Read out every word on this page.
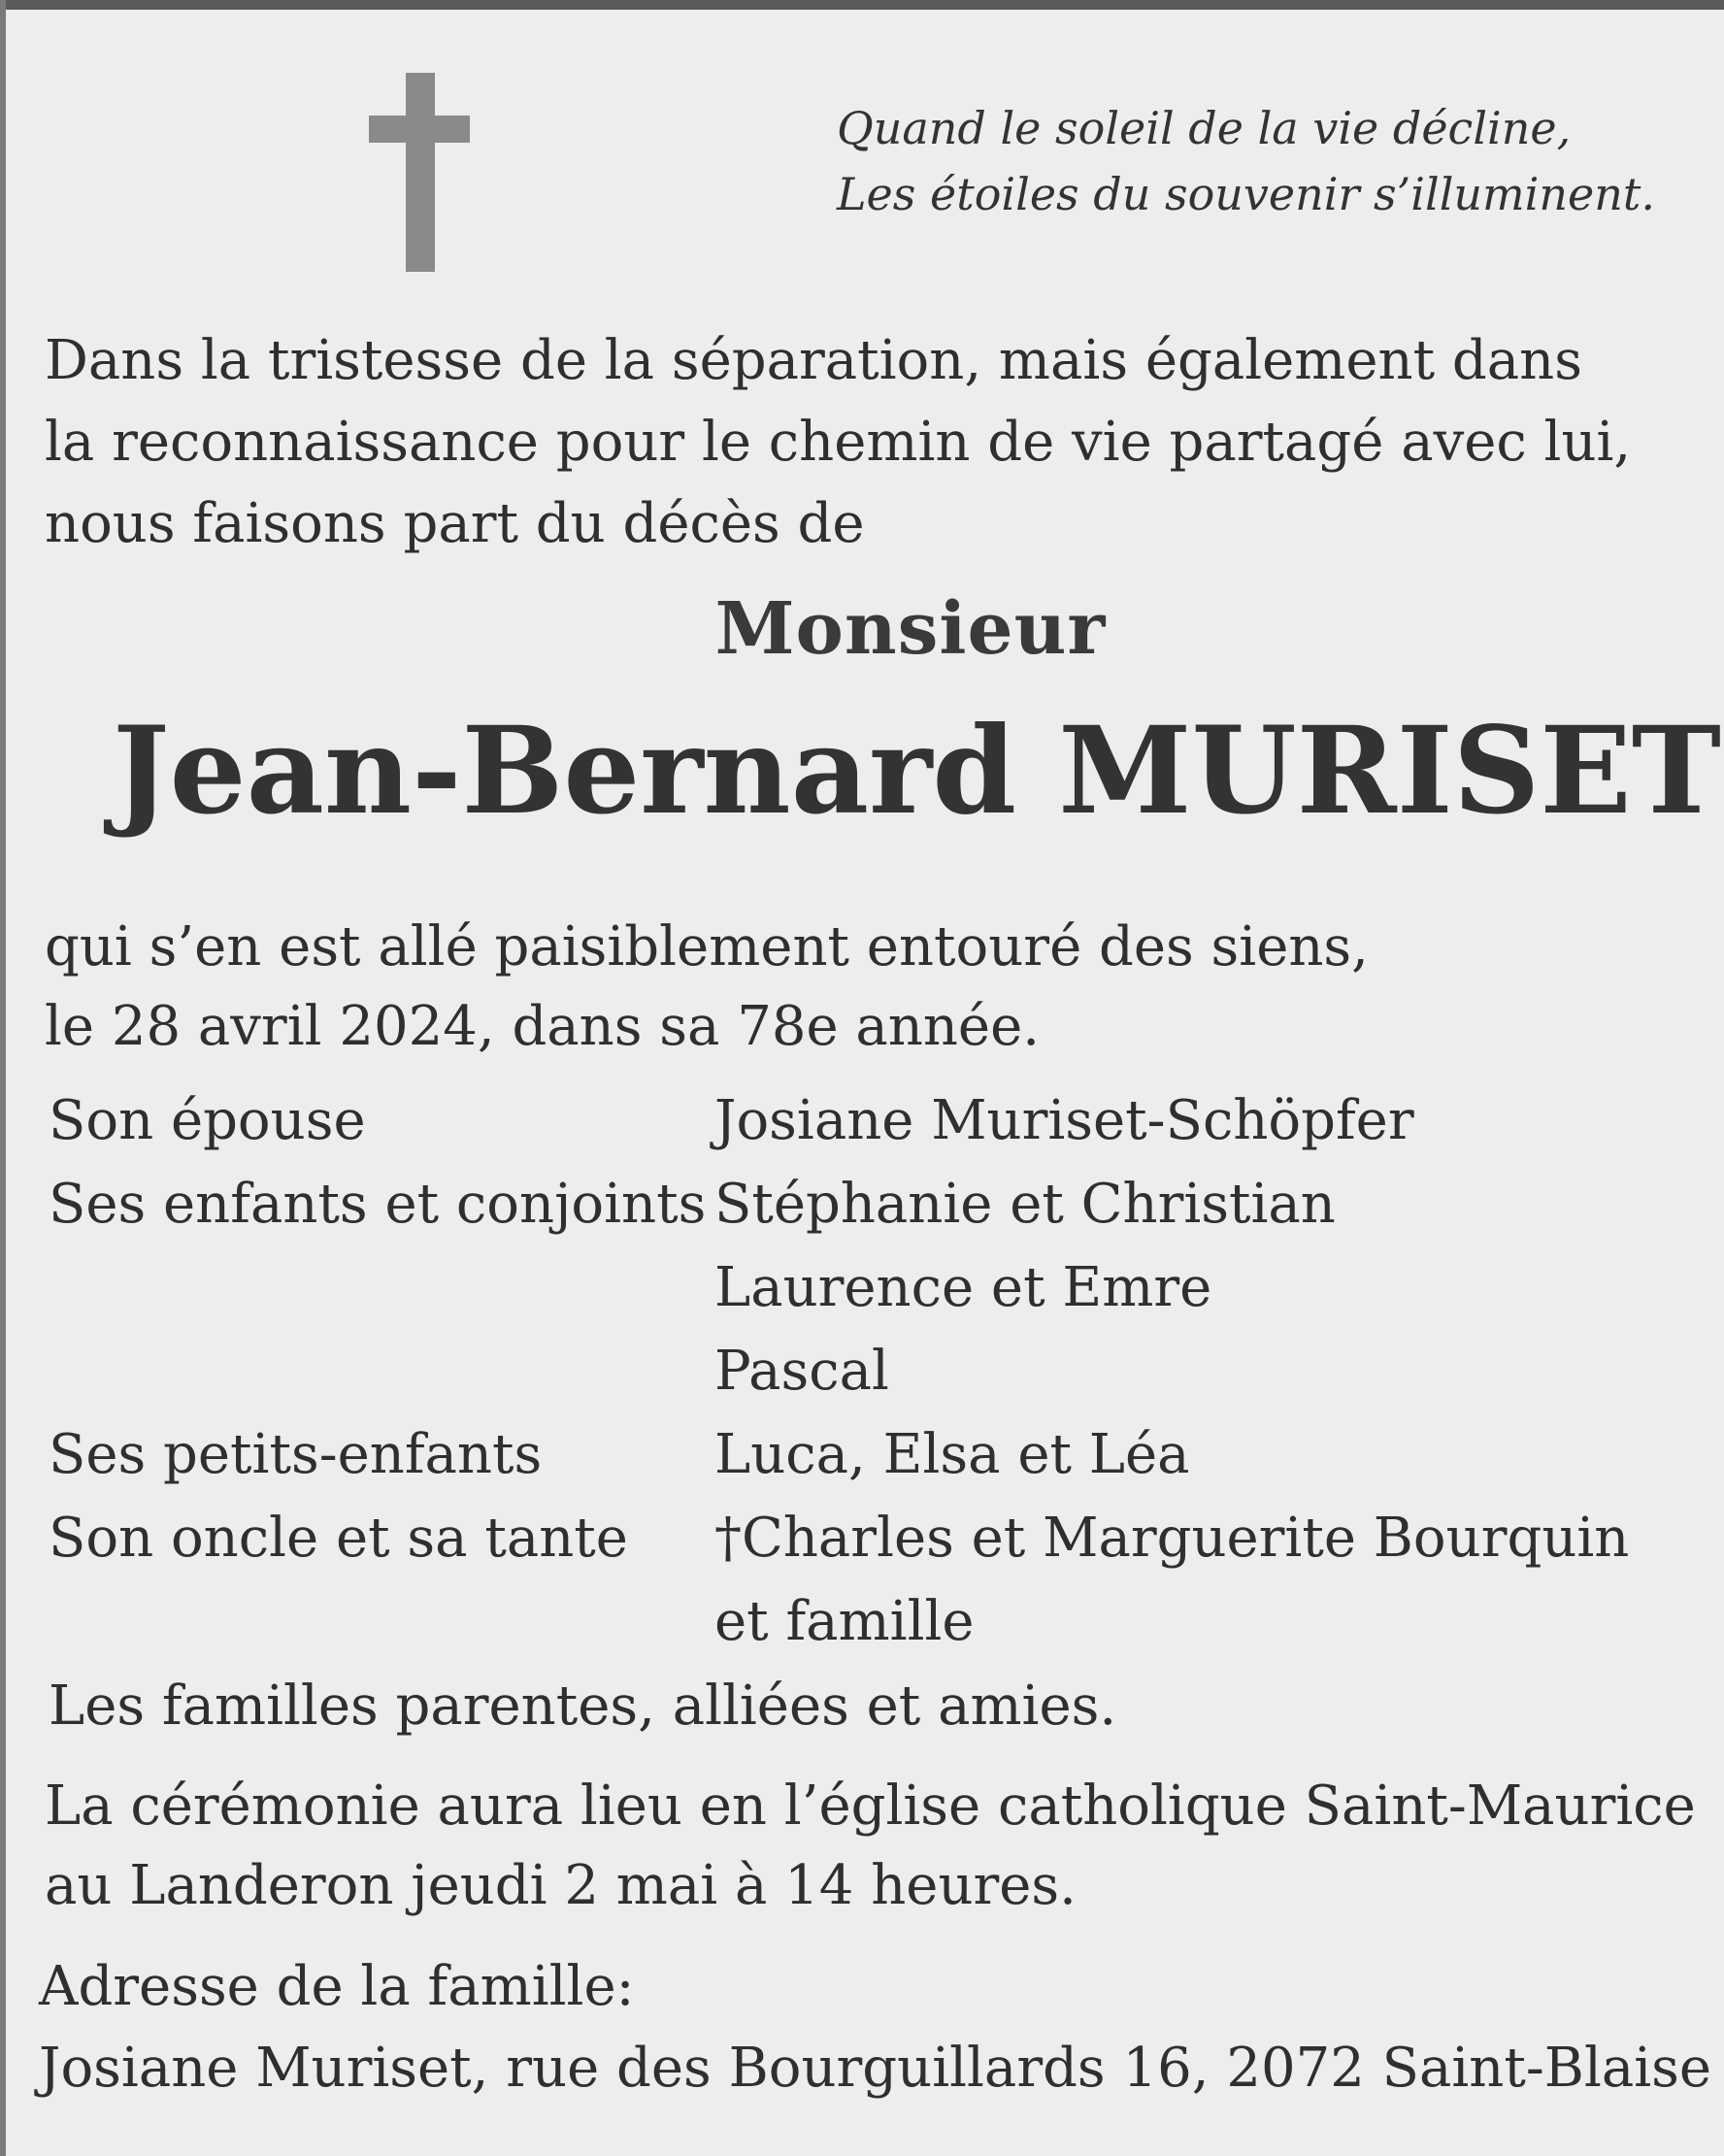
Quand le soleil de la vie décline,
Les étoiles du souvenir s’illuminent.
Dans la tristesse de la séparation, mais également dans
la reconnaissance pour le chemin de vie partagé avec lui,
nous faisons part du décès de
Monsieur
Jean-Bernard MURISET
qui s’en est allé paisiblement entouré des siens,
le 28 avril 2024, dans sa 78e année.
Son épouse	Josiane Muriset-Schöpfer
Ses enfants et conjoints Stéphanie et Christian
Laurence et Emre
Pascal
Ses petits-enfants	Luca, Elsa et Léa
Son oncle et sa tante †Charles et Marguerite Bourquin
et famille
Les familles parentes, alliées et amies.
La cérémonie aura lieu en l’église catholique Saint-Maurice
au Landeron jeudi 2 mai à 14 heures.
Adresse de la famille:
Josiane Muriset, rue des Bourguillards 16, 2072 Saint-Blaise
